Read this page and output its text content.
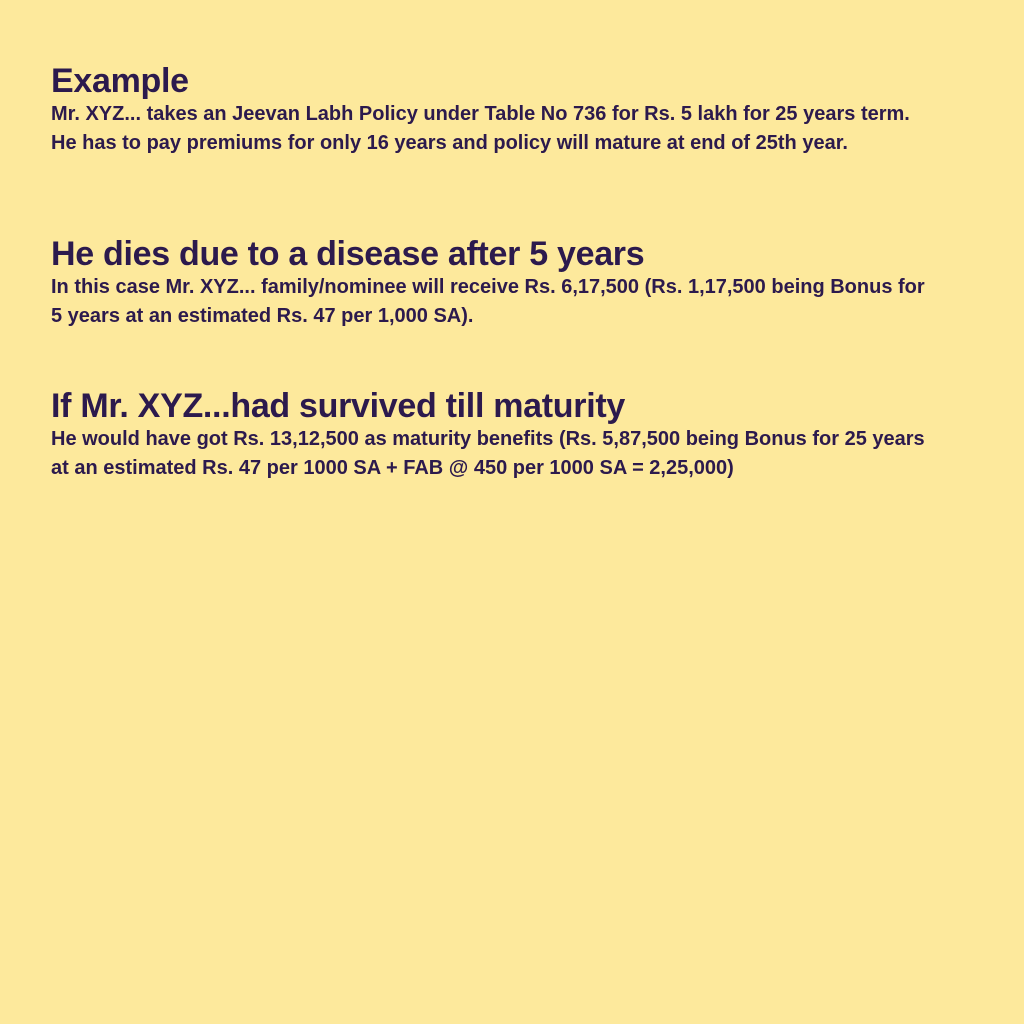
Example

Mr. XYZ... takes an Jeevan Labh Policy under Table No 736 for Rs. 5 lakh for 25 years term. He has to pay premiums for only 16 years and policy will mature at end of 25th year.

He dies due to a disease after 5 years

In this case Mr. XYZ... family/nominee will receive Rs. 6,17,500 (Rs. 1,17,500 being Bonus for 5 years at an estimated Rs. 47 per 1,000 SA).

If Mr. XYZ...had survived till maturity

He would have got Rs. 13,12,500 as maturity benefits (Rs. 5,87,500 being Bonus for 25 years at an estimated Rs. 47 per 1000 SA + FAB @ 450 per 1000 SA = 2,25,000)
